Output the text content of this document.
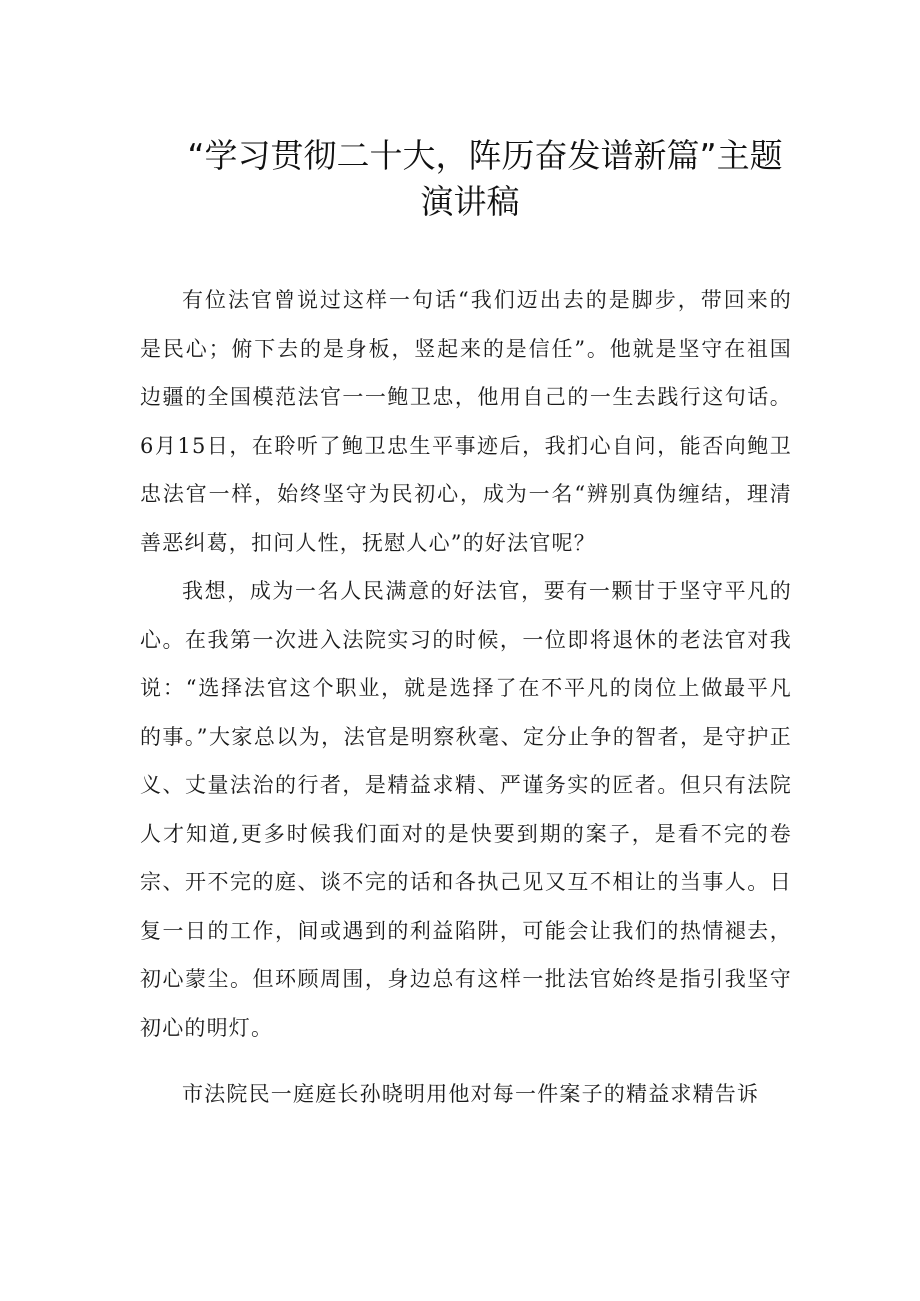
“学习贯彻二十大，阵历奋发谱新篇”主题
演讲稿

有位法官曾说过这样一句话“我们迈出去的是脚步，带回来的是民心；俯下去的是身板，竖起来的是信任”。他就是坚守在祖国边疆的全国模范法官一一鲍卫忠，他用自己的一生去践行这句话。6月15日，在聆听了鲍卫忠生平事迹后，我扪心自问，能否向鲍卫忠法官一样，始终坚守为民初心，成为一名“辨别真伪缠结，理清善恶纠葛，扣问人性，抚慰人心”的好法官呢？

我想，成为一名人民满意的好法官，要有一颗甘于坚守平凡的心。在我第一次进入法院实习的时候，一位即将退休的老法官对我说：“选择法官这个职业，就是选择了在不平凡的岗位上做最平凡的事。”大家总以为，法官是明察秋毫、定分止争的智者，是守护正义、丈量法治的行者，是精益求精、严谨务实的匠者。但只有法院人才知道,更多时候我们面对的是快要到期的案子，是看不完的卷宗、开不完的庭、谈不完的话和各执己见又互不相让的当事人。日复一日的工作，间或遇到的利益陷阱，可能会让我们的热情褪去，初心蒙尘。但环顾周围，身边总有这样一批法官始终是指引我坚守初心的明灯。

市法院民一庭庭长孙晓明用他对每一件案子的精益求精告诉
